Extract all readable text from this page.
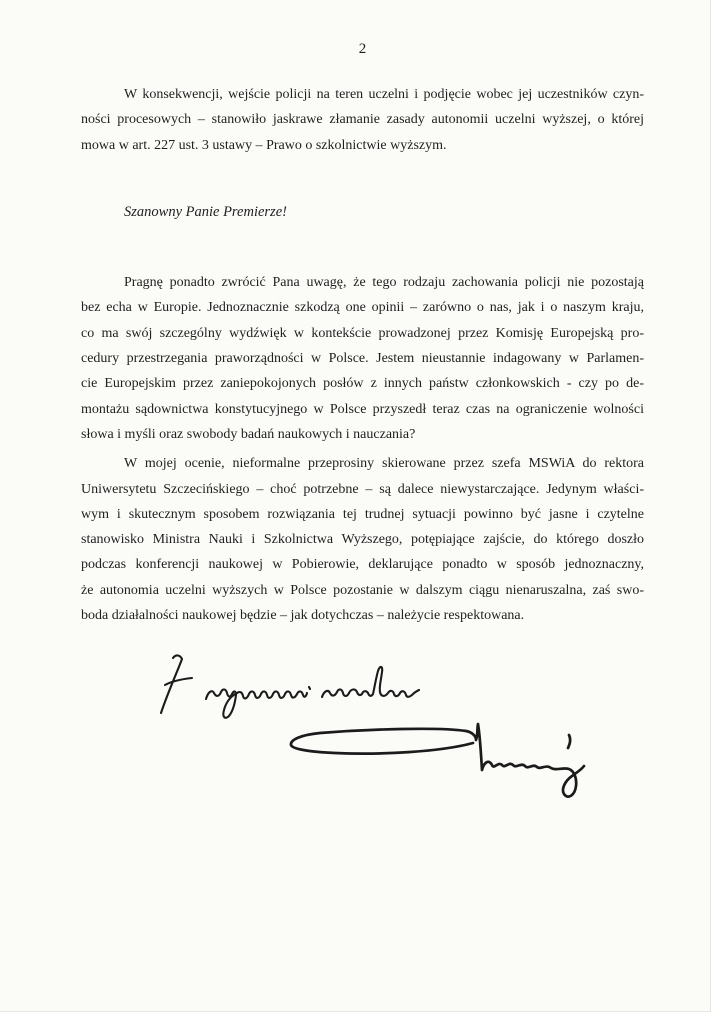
2
W konsekwencji, wejście policji na teren uczelni i podjęcie wobec jej uczestników czyn-
ności procesowych – stanowiło jaskrawe złamanie zasady autonomii uczelni wyższej, o której
mowa w art. 227 ust. 3 ustawy – Prawo o szkolnictwie wyższym.
Szanowny Panie Premierze!
Pragnę ponadto zwrócić Pana uwagę, że tego rodzaju zachowania policji nie pozostają
bez echa w Europie. Jednoznacznie szkodzą one opinii – zarówno o nas, jak i o naszym kraju,
co ma swój szczególny wydźwięk w kontekście prowadzonej przez Komisję Europejską pro-
cedury przestrzegania praworządności w Polsce. Jestem nieustannie indagowany w Parlamen-
cie Europejskim przez zaniepokojonych posłów z innych państw członkowskich - czy po de-
montażu sądownictwa konstytucyjnego w Polsce przyszedł teraz czas na ograniczenie wolności
słowa i myśli oraz swobody badań naukowych i nauczania?
W mojej ocenie, nieformalne przeprosiny skierowane przez szefa MSWiA do rektora
Uniwersytetu Szczecińskiego – choć potrzebne – są dalece niewystarczające. Jedynym właści-
wym i skutecznym sposobem rozwiązania tej trudnej sytuacji powinno być jasne i czytelne
stanowisko Ministra Nauki i Szkolnictwa Wyższego, potępiające zajście, do którego doszło
podczas konferencji naukowej w Pobierowie, deklarujące ponadto w sposób jednoznaczny,
że autonomia uczelni wyższych w Polsce pozostanie w dalszym ciągu nienaruszalna, zaś swo-
boda działalności naukowej będzie – jak dotychczas – należycie respektowana.
